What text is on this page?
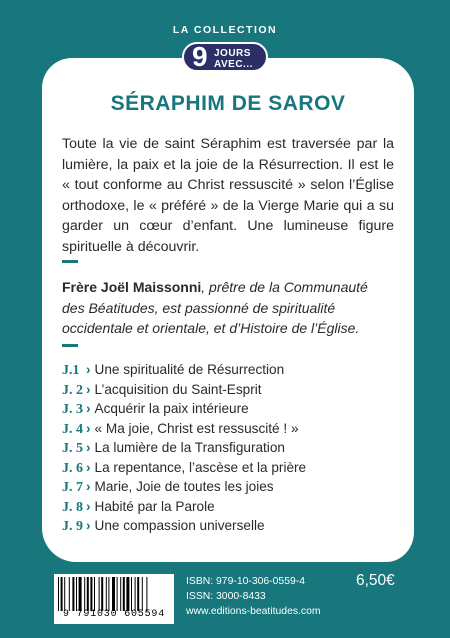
LA COLLECTION
9 JOURS
AVEC...
SÉRAPHIM DE SAROV
Toute la vie de saint Séraphim est traversée par la lumière, la paix et la joie de la Résurrection. Il est le « tout conforme au Christ ressuscité » selon l’Église orthodoxe, le « préféré » de la Vierge Marie qui a su garder un cœur d’enfant. Une lumineuse figure spirituelle à découvrir.
Frère Joël Maissonni, prêtre de la Communauté des Béatitudes, est passionné de spiritualité occidentale et orientale, et d’Histoire de l’Église.
J.1 › Une spiritualité de Résurrection
J. 2 › L’acquisition du Saint-Esprit
J. 3 › Acquérir la paix intérieure
J. 4 › « Ma joie, Christ est ressuscité ! »
J. 5 › La lumière de la Transfiguration
J. 6 › La repentance, l’ascèse et la prière
J. 7 › Marie, Joie de toutes les joies
J. 8 › Habité par la Parole
J. 9 › Une compassion universelle
9 791030 605594
ISBN: 979-10-306-0559-4
ISSN: 3000-8433
www.editions-beatitudes.com
6,50€
